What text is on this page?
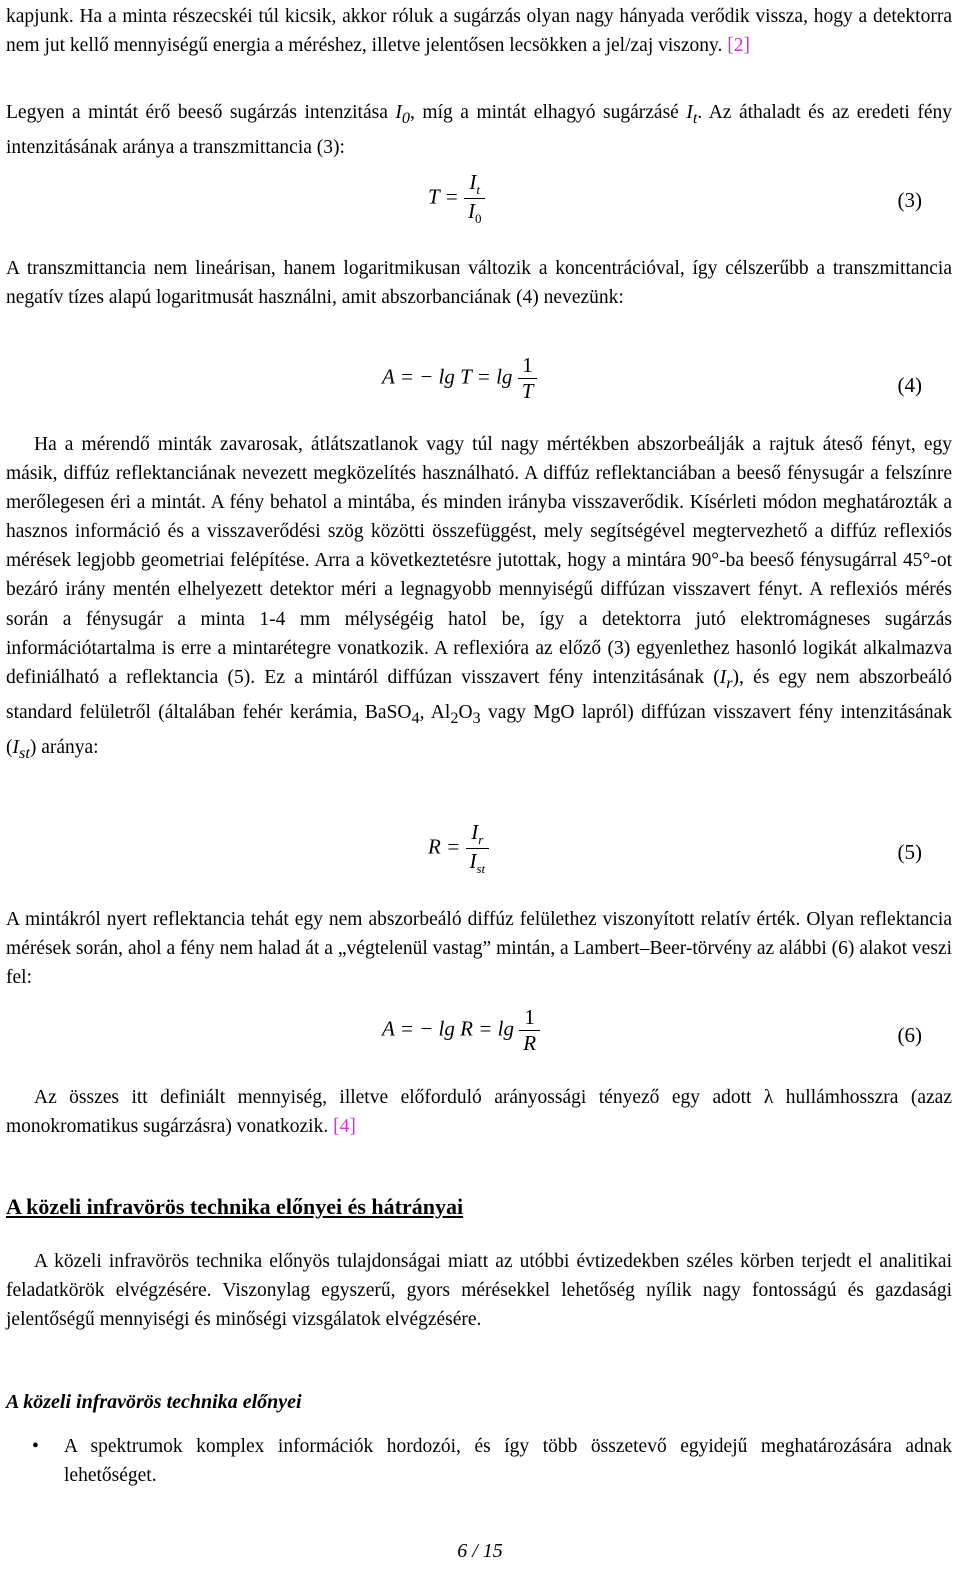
kapjunk. Ha a minta részecskéi túl kicsik, akkor róluk a sugárzás olyan nagy hányada verődik vissza, hogy a detektorra nem jut kellő mennyiségű energia a méréshez, illetve jelentősen lecsökken a jel/zaj viszony. [2]

Legyen a mintát érő beeső sugárzás intenzitása $I_0$, míg a mintát elhagyó sugárzásé $I_t$. Az áthaladt és az eredeti fény intenzitásának aránya a transzmittancia (3):

$T = \frac{I_t}{I_0}$	(3)

A transzmittancia nem lineárisan, hanem logaritmikusan változik a koncentrációval, így célszerűbb a transzmittancia negatív tízes alapú logaritmusát használni, amit abszorbanciának (4) nevezünk:

A = − $\lg T = \lg \frac{1}{T}$	(4)

Ha a mérendő minták zavarosak, átlátszatlanok vagy túl nagy mértékben abszorbeálják a rajtuk áteső fényt, egy másik, diffúz reflektanciának nevezett megközelítés használható. A diffúz reflektanciában a beeső fénysugár a felszínre merőlegesen éri a mintát. A fény behatol a mintába, és minden irányba visszaverődik. Kísérleti módon meghatározták a hasznos információ és a visszaverődési szög közötti összefüggést, mely segítségével megtervezhető a diffúz reflexiós mérések legjobb geometriai felépítése. Arra a következtetésre jutottak, hogy a mintára 90°-ba beeső fénysugárral 45°-ot bezáró irány mentén elhelyezett detektor méri a legnagyobb mennyiségű diffúzan visszavert fényt. A reflexiós mérés során a fénysugár a minta 1-4 mm mélységéig hatol be, így a detektorra jutó elektromágneses sugárzás információtartalma is erre a mintarétegre vonatkozik. A reflexióra az előző (3) egyenlethez hasonló logikát alkalmazva definiálható a reflektancia (5). Ez a mintáról diffúzan visszavert fény intenzitásának $(I_r)$, és egy nem abszorbeáló standard felületről (általában fehér kerámia, BaSO$_4$, $Al_2O_3$ vagy MgO lapról) diffúzan visszavert fény intenzitásának $(I_{st})$ aránya:

$R = \frac{I_r}{I_{st}}$	(5)

A mintákról nyert reflektancia tehát egy nem abszorbeáló diffúz felülethez viszonyított relatív érték. Olyan reflektancia mérések során, ahol a fény nem halad át a „végtelenül vastag” mintán, a Lambert–Beer-törvény az alábbi (6) alakot veszi fel:

A = − $\lg R = \lg \frac{1}{R}$	(6)

Az összes itt definiált mennyiség, illetve előforduló arányossági tényező egy adott λ hullámhosszra (azaz monokromatikus sugárzásra) vonatkozik. [4]

A közeli infravörös technika előnyei és hátrányai

A közeli infravörös technika előnyös tulajdonságai miatt az utóbbi évtizedekben széles körben terjedt el analitikai feladatkörök elvégzésére. Viszonylag egyszerű, gyors mérésekkel lehetőség nyílik nagy fontosságú és gazdasági jelentőségű mennyiségi és minőségi vizsgálatok elvégzésére.

A közeli infravörös technika előnyei
• A spektrumok komplex információk hordozói, és így több összetevő egyidejű meghatározására adnak lehetőséget.
6 / 15
